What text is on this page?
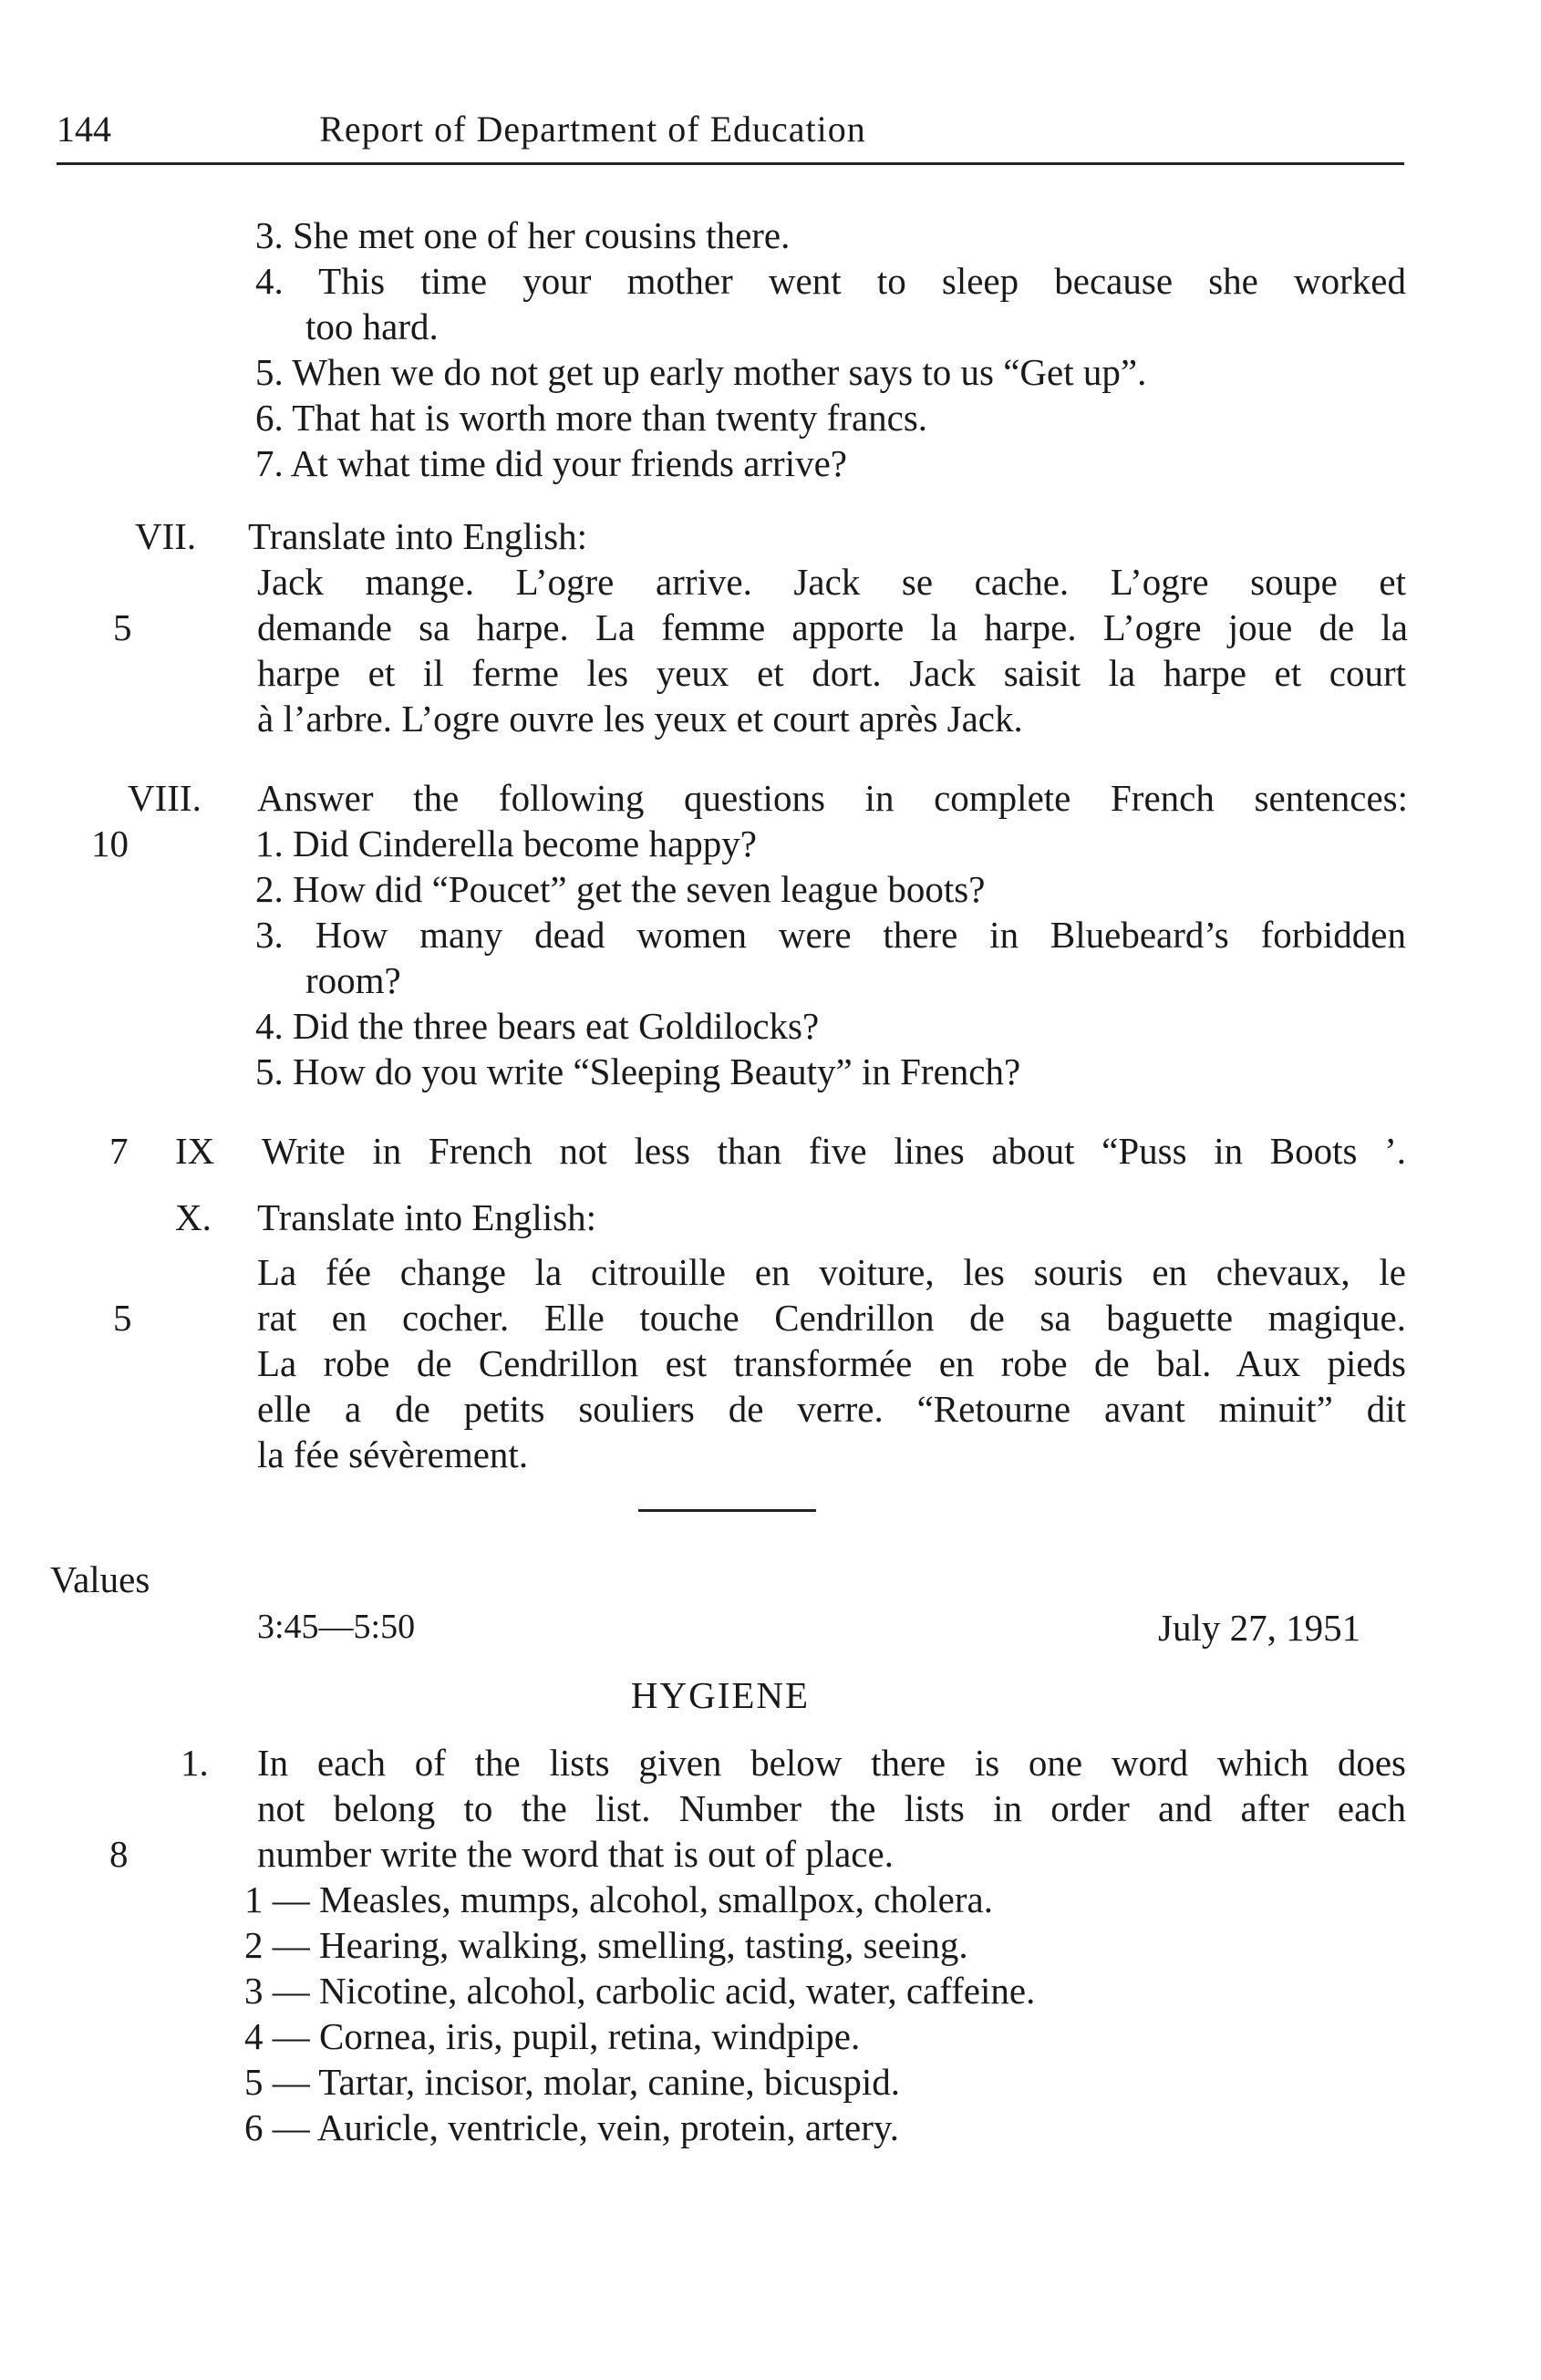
144	Report of Department of Education
3. She met one of her cousins there.
4. This time your mother went to sleep because she worked
too hard.
5. When we do not get up early mother says to us “Get up”.
6. That hat is worth more than twenty francs.
7. At what time did your friends arrive?
VII. Translate into English:
Jack mange. L’ogre arrive. Jack se cache. L’ogre soupe et
5	demande sa harpe. La femme apporte la harpe. L’ogre joue de la
harpe et il ferme les yeux et dort. Jack saisit la harpe et court
à l’arbre. L’ogre ouvre les yeux et court après Jack.
VIII. Answer the following questions in complete French sentences:
10	1. Did Cinderella become happy?
2. How did “Poucet” get the seven league boots?
3. How many dead women were there in Bluebeard’s forbidden
room?
4. Did the three bears eat Goldilocks?
5. How do you write “Sleeping Beauty” in French?
7 IX Write in French not less than five lines about “Puss in Boots ’.
X. Translate into English:
La fée change la citrouille en voiture, les souris en chevaux, le
5	rat en cocher. Elle touche Cendrillon de sa baguette magique.
La robe de Cendrillon est transformée en robe de bal. Aux pieds
elle a de petits souliers de verre. “Retourne avant minuit” dit
la fée sévèrement.
Values
3:45—5:50	July 27, 1951
HYGIENE
1. In each of the lists given below there is one word which does
not belong to the list. Number the lists in order and after each
8	number write the word that is out of place.
1 — Measles, mumps, alcohol, smallpox, cholera.
2 — Hearing, walking, smelling, tasting, seeing.
3 — Nicotine, alcohol, carbolic acid, water, caffeine.
4 — Cornea, iris, pupil, retina, windpipe.
5 — Tartar, incisor, molar, canine, bicuspid.
6 — Auricle, ventricle, vein, protein, artery.
